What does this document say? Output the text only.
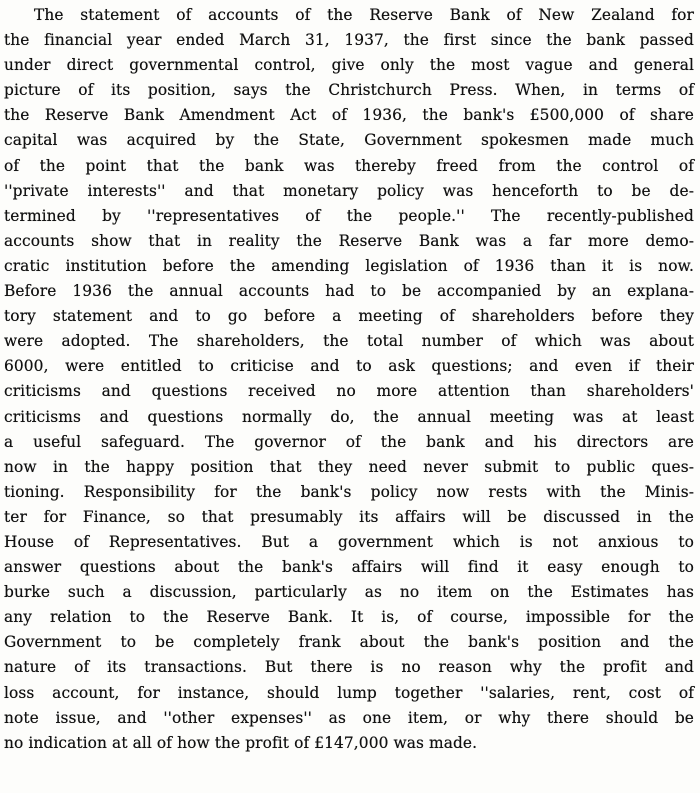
The statement of accounts of the Reserve Bank of New Zealand for
the financial year ended March 31, 1937, the first since the bank passed
under direct governmental control, give only the most vague and general
picture of its position, says the Christchurch Press. When, in terms of
the Reserve Bank Amendment Act of 1936, the bank's £500,000 of share
capital was acquired by the State, Government spokesmen made much
of the point that the bank was thereby freed from the control of
''private interests'' and that monetary policy was henceforth to be de-
termined by ''representatives of the people.'' The recently-published
accounts show that in reality the Reserve Bank was a far more demo-
cratic institution before the amending legislation of 1936 than it is now.
Before 1936 the annual accounts had to be accompanied by an explana-
tory statement and to go before a meeting of shareholders before they
were adopted. The shareholders, the total number of which was about
6000, were entitled to criticise and to ask questions; and even if their
criticisms and questions received no more attention than shareholders'
criticisms and questions normally do, the annual meeting was at least
a useful safeguard. The governor of the bank and his directors are
now in the happy position that they need never submit to public ques-
tioning. Responsibility for the bank's policy now rests with the Minis-
ter for Finance, so that presumably its affairs will be discussed in the
House of Representatives. But a government which is not anxious to
answer questions about the bank's affairs will find it easy enough to
burke such a discussion, particularly as no item on the Estimates has
any relation to the Reserve Bank. It is, of course, impossible for the
Government to be completely frank about the bank's position and the
nature of its transactions. But there is no reason why the profit and
loss account, for instance, should lump together ''salaries, rent, cost of
note issue, and ''other expenses'' as one item, or why there should be
no indication at all of how the profit of £147,000 was made.
